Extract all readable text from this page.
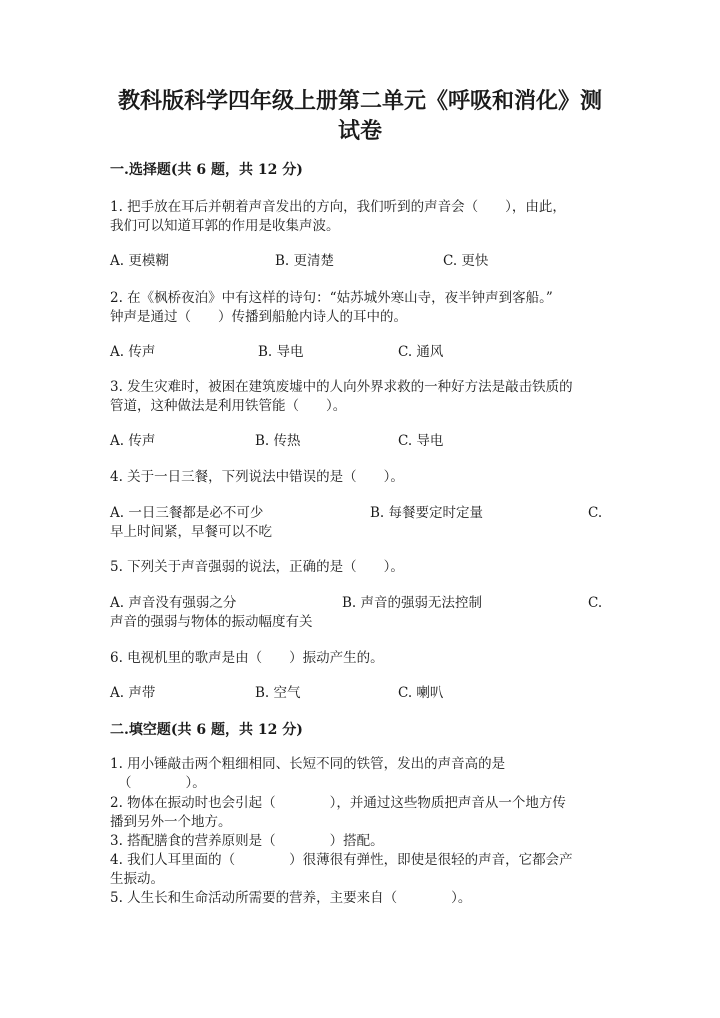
教科版科学四年级上册第二单元《呼吸和消化》测
试卷
一.选择题(共 6 题，共 12 分)
1. 把手放在耳后并朝着声音发出的方向，我们听到的声音会（　　），由此，
我们可以知道耳郭的作用是收集声波。
A. 更模糊	B. 更清楚	C. 更快
2. 在《枫桥夜泊》中有这样的诗句：“姑苏城外寒山寺，夜半钟声到客船。”
钟声是通过（　　）传播到船舱内诗人的耳中的。
A. 传声	B. 导电	C. 通风
3. 发生灾难时，被困在建筑废墟中的人向外界求救的一种好方法是敲击铁质的
管道，这种做法是利用铁管能（　　）。
A. 传声	B. 传热	C. 导电
4. 关于一日三餐，下列说法中错误的是（　　）。
A. 一日三餐都是必不可少	B. 每餐要定时定量	C.
早上时间紧，早餐可以不吃
5. 下列关于声音强弱的说法，正确的是（　　）。
A. 声音没有强弱之分	B. 声音的强弱无法控制	C.
声音的强弱与物体的振动幅度有关
6. 电视机里的歌声是由（　　）振动产生的。
A. 声带	B. 空气	C. 喇叭
二.填空题(共 6 题，共 12 分)
1. 用小锤敲击两个粗细相同、长短不同的铁管，发出的声音高的是
（　　　　）。
2. 物体在振动时也会引起（　　　　），并通过这些物质把声音从一个地方传
播到另外一个地方。
3. 搭配膳食的营养原则是（　　　　）搭配。
4. 我们人耳里面的（　　　　）很薄很有弹性，即使是很轻的声音，它都会产
生振动。
5. 人生长和生命活动所需要的营养，主要来自（　　　　）。
